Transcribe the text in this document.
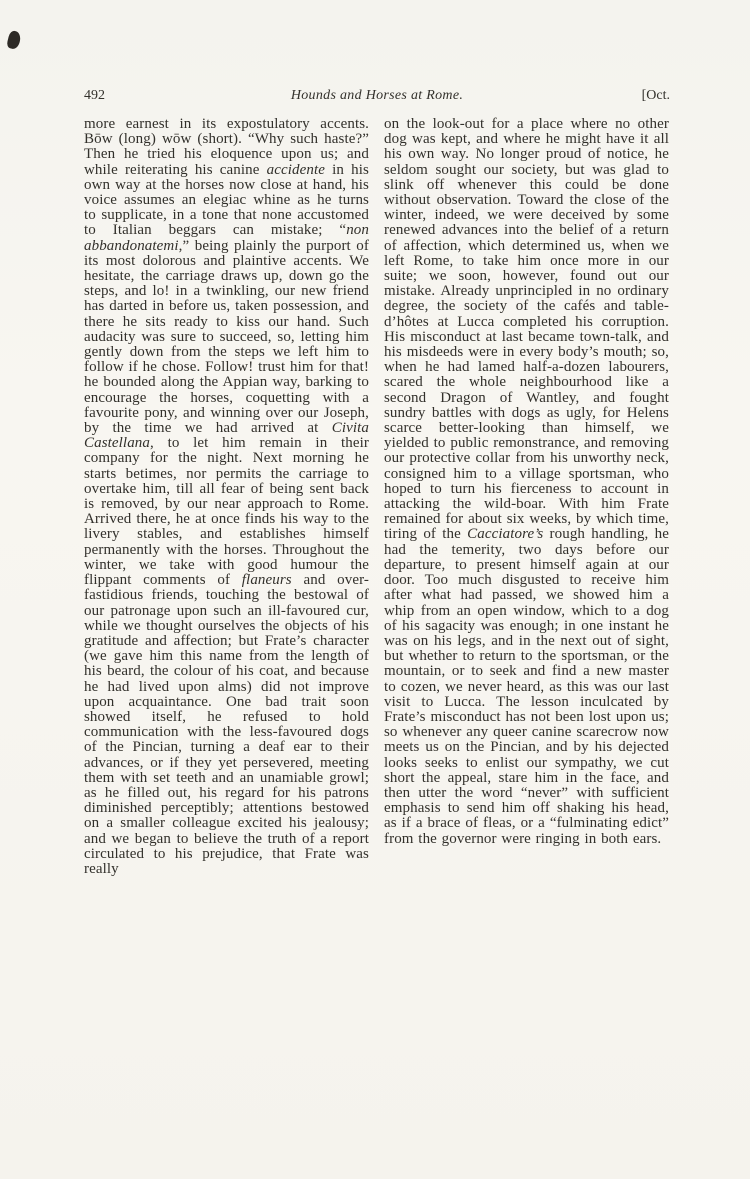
492	Hounds and Horses at Rome.	[Oct.
more earnest in its expostulatory accents. Bōw (long) wōw (short). “Why such haste?” Then he tried his eloquence upon us; and while reiterating his canine accidente in his own way at the horses now close at hand, his voice assumes an elegiac whine as he turns to supplicate, in a tone that none accustomed to Italian beggars can mistake; “non abbandonatemi,” being plainly the purport of its most dolorous and plaintive accents. We hesitate, the carriage draws up, down go the steps, and lo! in a twinkling, our new friend has darted in before us, taken possession, and there he sits ready to kiss our hand. Such audacity was sure to succeed, so, letting him gently down from the steps we left him to follow if he chose. Follow! trust him for that! he bounded along the Appian way, barking to encourage the horses, coquetting with a favourite pony, and winning over our Joseph, by the time we had arrived at Civita Castellana, to let him remain in their company for the night. Next morning he starts betimes, nor permits the carriage to overtake him, till all fear of being sent back is removed, by our near approach to Rome. Arrived there, he at once finds his way to the livery stables, and establishes himself permanently with the horses. Throughout the winter, we take with good humour the flippant comments of flaneurs and over-fastidious friends, touching the bestowal of our patronage upon such an ill-favoured cur, while we thought ourselves the objects of his gratitude and affection; but Frate’s character (we gave him this name from the length of his beard, the colour of his coat, and because he had lived upon alms) did not improve upon acquaintance. One bad trait soon showed itself, he refused to hold communication with the less-favoured dogs of the Pincian, turning a deaf ear to their advances, or if they yet persevered, meeting them with set teeth and an unamiable growl; as he filled out, his regard for his patrons diminished perceptibly; attentions bestowed on a smaller colleague excited his jealousy; and we began to believe the truth of a report circulated to his prejudice, that Frate was really
on the look-out for a place where no other dog was kept, and where he might have it all his own way. No longer proud of notice, he seldom sought our society, but was glad to slink off whenever this could be done without observation. Toward the close of the winter, indeed, we were deceived by some renewed advances into the belief of a return of affection, which determined us, when we left Rome, to take him once more in our suite; we soon, however, found out our mistake. Already unprincipled in no ordinary degree, the society of the cafés and table-d’hôtes at Lucca completed his corruption. His misconduct at last became town-talk, and his misdeeds were in every body’s mouth; so, when he had lamed half-a-dozen labourers, scared the whole neighbourhood like a second Dragon of Wantley, and fought sundry battles with dogs as ugly, for Helens scarce better-looking than himself, we yielded to public remonstrance, and removing our protective collar from his unworthy neck, consigned him to a village sportsman, who hoped to turn his fierceness to account in attacking the wild-boar. With him Frate remained for about six weeks, by which time, tiring of the Cacciatore’s rough handling, he had the temerity, two days before our departure, to present himself again at our door. Too much disgusted to receive him after what had passed, we showed him a whip from an open window, which to a dog of his sagacity was enough; in one instant he was on his legs, and in the next out of sight, but whether to return to the sportsman, or the mountain, or to seek and find a new master to cozen, we never heard, as this was our last visit to Lucca. The lesson inculcated by Frate’s misconduct has not been lost upon us; so whenever any queer canine scarecrow now meets us on the Pincian, and by his dejected looks seeks to enlist our sympathy, we cut short the appeal, stare him in the face, and then utter the word “never” with sufficient emphasis to send him off shaking his head, as if a brace of fleas, or a “fulminating edict” from the governor were ringing in both ears.
